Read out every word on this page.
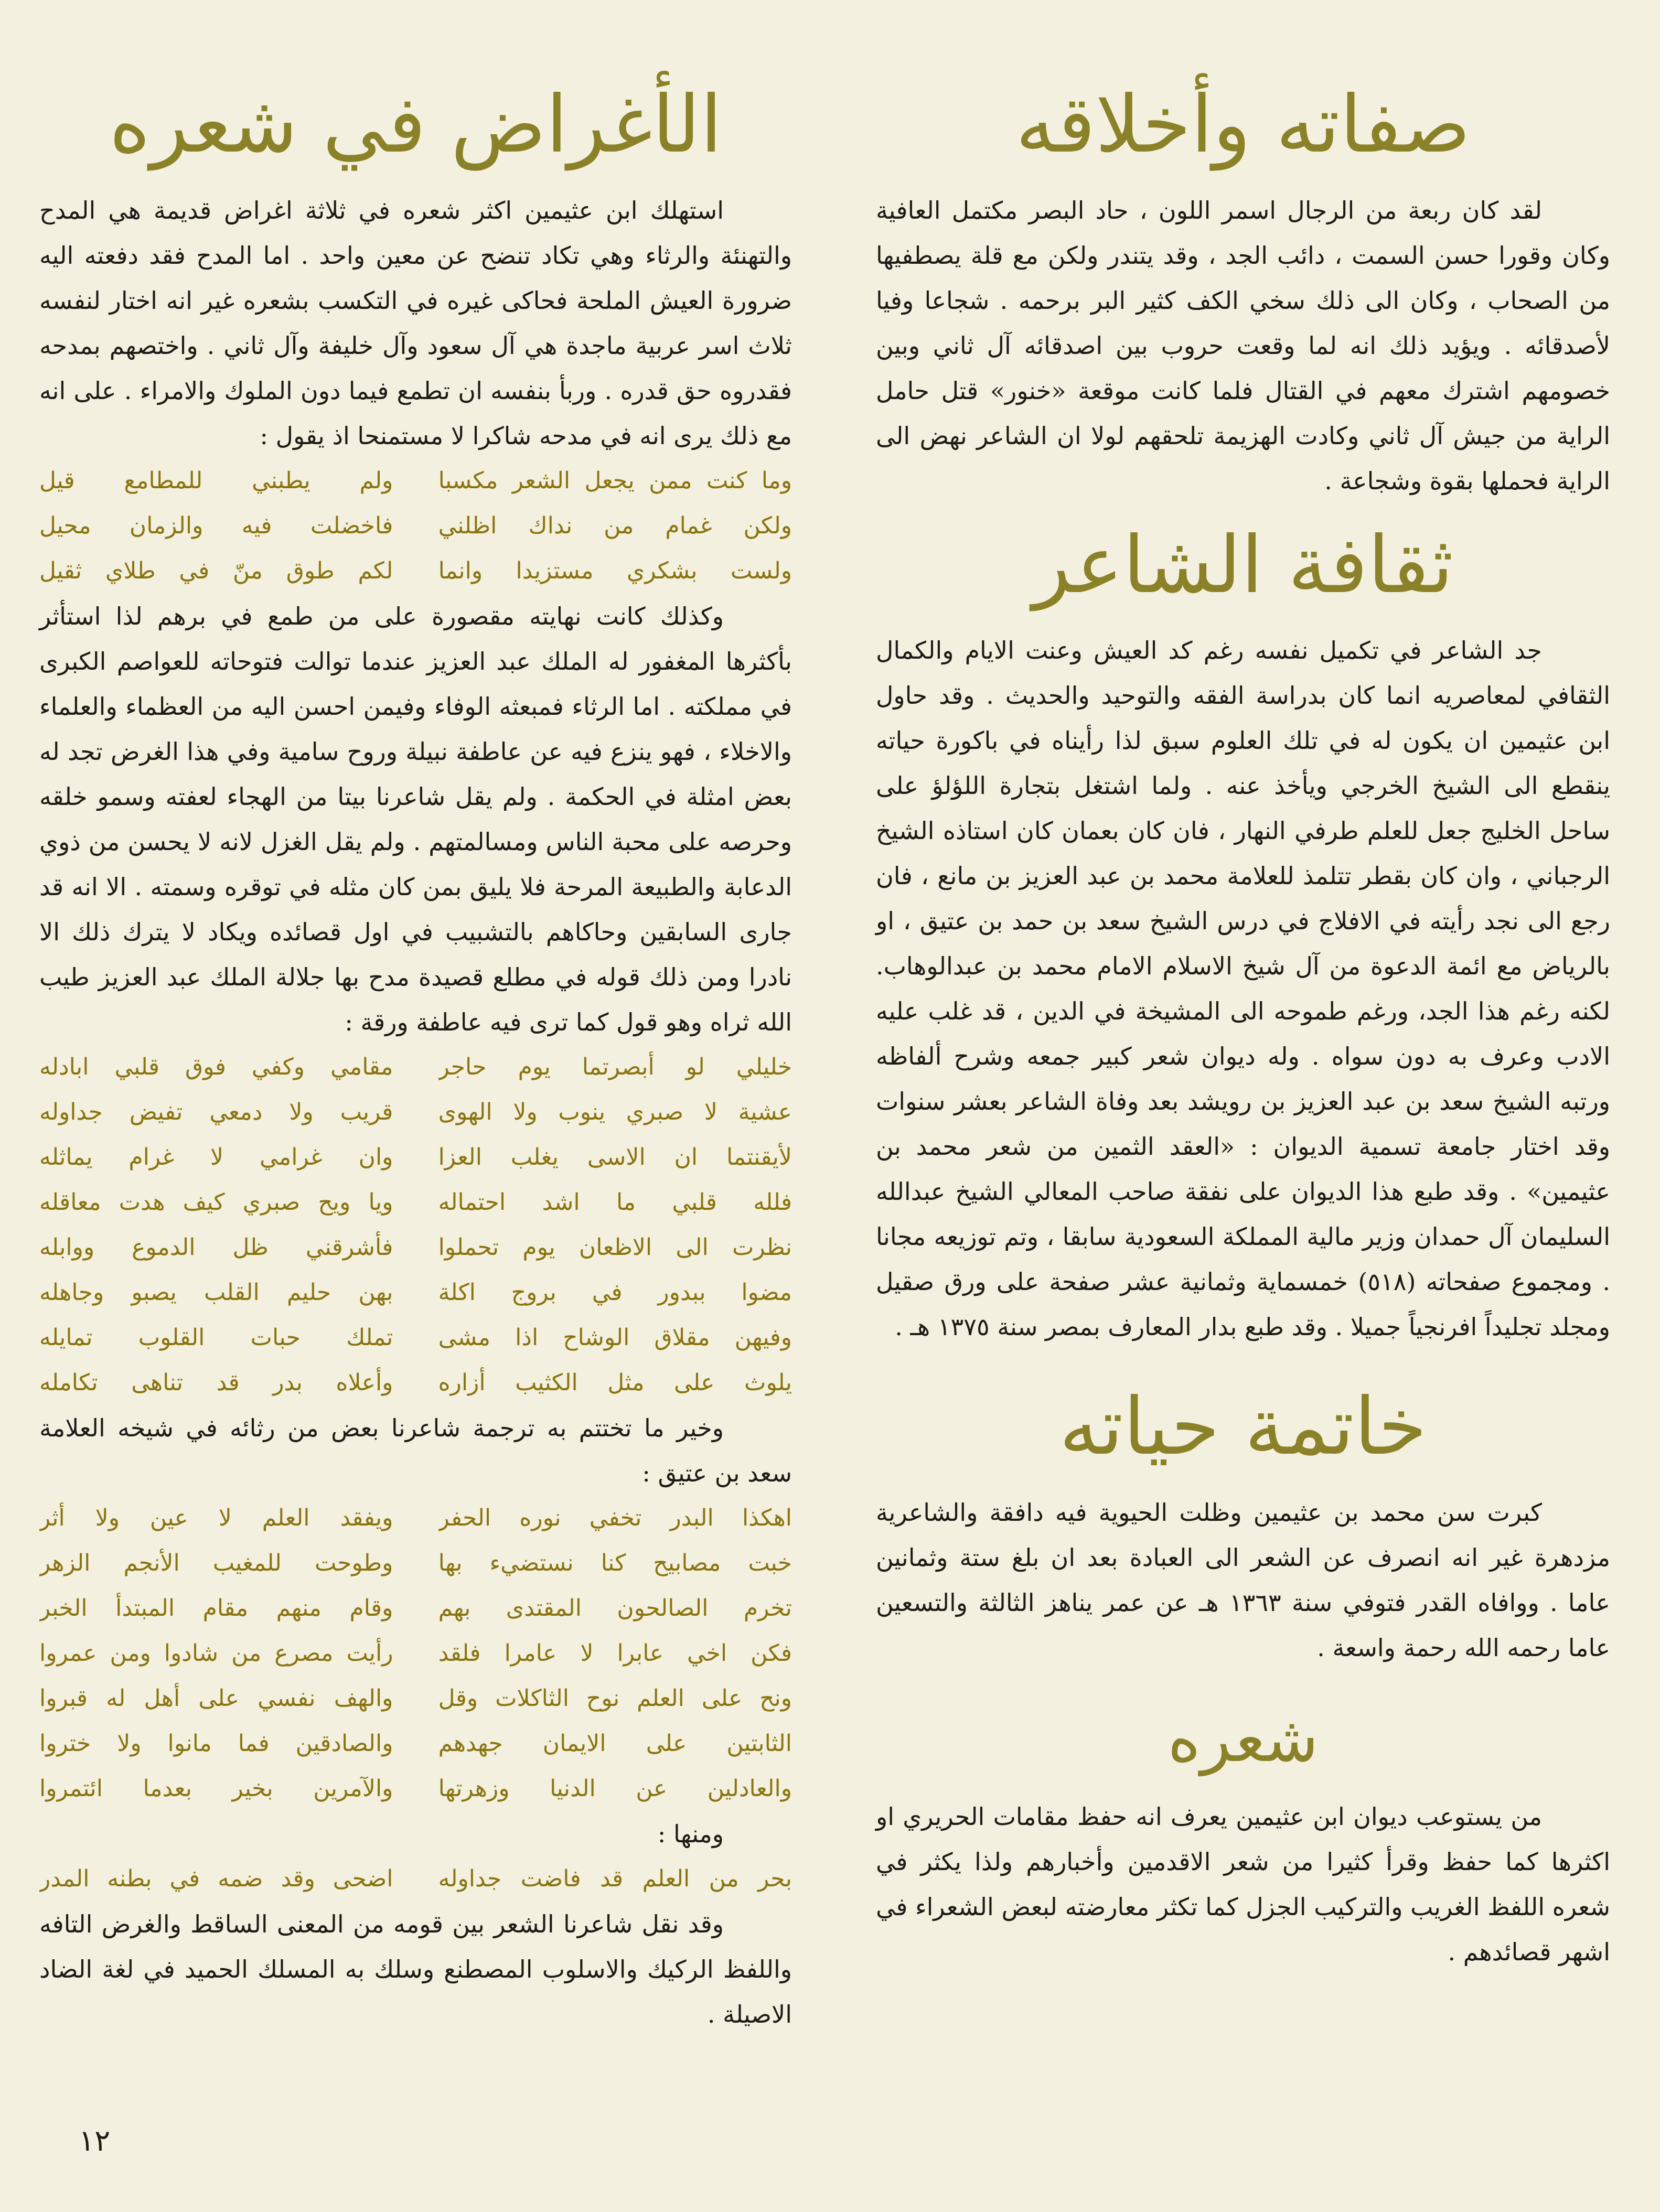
صفاته وأخلاقه

لقد كان ربعة من الرجال اسمر اللون ، حاد البصر مكتمل العافية وكان وقورا حسن السمت ، دائب الجد ، وقد يتندر ولكن مع قلة يصطفيها من الصحاب ، وكان الى ذلك سخي الكف كثير البر برحمه . شجاعا وفيا لأصدقائه . ويؤيد ذلك انه لما وقعت حروب بين اصدقائه آل ثاني وبين خصومهم اشترك معهم في القتال فلما كانت موقعة «خنور» قتل حامل الراية من جيش آل ثاني وكادت الهزيمة تلحقهم لولا ان الشاعر نهض الى الراية فحملها بقوة وشجاعة .

ثقافة الشاعر

جد الشاعر في تكميل نفسه رغم كد العيش وعنت الايام والكمال الثقافي لمعاصريه انما كان بدراسة الفقه والتوحيد والحديث . وقد حاول ابن عثيمين ان يكون له في تلك العلوم سبق لذا رأيناه في باكورة حياته ينقطع الى الشيخ الخرجي ويأخذ عنه . ولما اشتغل بتجارة اللؤلؤ على ساحل الخليج جعل للعلم طرفي النهار ، فان كان بعمان كان استاذه الشيخ الرجباني ، وان كان بقطر تتلمذ للعلامة محمد بن عبد العزيز بن مانع ، فان رجع الى نجد رأيته في الافلاج في درس الشيخ سعد بن حمد بن عتيق ، او بالرياض مع ائمة الدعوة من آل شيخ الاسلام الامام محمد بن عبدالوهاب. لكنه رغم هذا الجد، ورغم طموحه الى المشيخة في الدين ، قد غلب عليه الادب وعرف به دون سواه . وله ديوان شعر كبير جمعه وشرح ألفاظه ورتبه الشيخ سعد بن عبد العزيز بن رويشد بعد وفاة الشاعر بعشر سنوات وقد اختار جامعة تسمية الديوان : «العقد الثمين من شعر محمد بن عثيمين» . وقد طبع هذا الديوان على نفقة صاحب المعالي الشيخ عبدالله السليمان آل حمدان وزير مالية المملكة السعودية سابقا ، وتم توزيعه مجانا . ومجموع صفحاته (٥١٨) خمسماية وثمانية عشر صفحة على ورق صقيل ومجلد تجليداً افرنجياً جميلا . وقد طبع بدار المعارف بمصر سنة ١٣٧٥ هـ .

خاتمة حياته

كبرت سن محمد بن عثيمين وظلت الحيوية فيه دافقة والشاعرية مزدهرة غير انه انصرف عن الشعر الى العبادة بعد ان بلغ ستة وثمانين عاما . ووافاه القدر فتوفي سنة ١٣٦٣ هـ عن عمر يناهز الثالثة والتسعين عاما رحمه الله رحمة واسعة .

شعره

من يستوعب ديوان ابن عثيمين يعرف انه حفظ مقامات الحريري او اكثرها كما حفظ وقرأ كثيرا من شعر الاقدمين وأخبارهم ولذا يكثر في شعره اللفظ الغريب والتركيب الجزل كما تكثر معارضته لبعض الشعراء في اشهر قصائدهم .

الأغراض في شعره

استهلك ابن عثيمين اكثر شعره في ثلاثة اغراض قديمة هي المدح والتهنئة والرثاء وهي تكاد تنضح عن معين واحد . اما المدح فقد دفعته اليه ضرورة العيش الملحة فحاكى غيره في التكسب بشعره غير انه اختار لنفسه ثلاث اسر عربية ماجدة هي آل سعود وآل خليفة وآل ثاني . واختصهم بمدحه فقدروه حق قدره . وربأ بنفسه ان تطمع فيما دون الملوك والامراء . على انه مع ذلك يرى انه في مدحه شاكرا لا مستمنحا اذ يقول :

وما كنت ممن يجعل الشعر مكسبا
ولم يطبني للمطامع قيل
ولكن غمام من نداك اظلني
فاخضلت فيه والزمان محيل
ولست بشكري مستزيدا وانما
لكم طوق منّ في طلاي ثقيل

وكذلك كانت نهايته مقصورة على من طمع في برهم لذا استأثر بأكثرها المغفور له الملك عبد العزيز عندما توالت فتوحاته للعواصم الكبرى في مملكته . اما الرثاء فمبعثه الوفاء وفيمن احسن اليه من العظماء والعلماء والاخلاء ، فهو ينزع فيه عن عاطفة نبيلة وروح سامية وفي هذا الغرض تجد له بعض امثلة في الحكمة . ولم يقل شاعرنا بيتا من الهجاء لعفته وسمو خلقه وحرصه على محبة الناس ومسالمتهم . ولم يقل الغزل لانه لا يحسن من ذوي الدعابة والطبيعة المرحة فلا يليق بمن كان مثله في توقره وسمته . الا انه قد جارى السابقين وحاكاهم بالتشبيب في اول قصائده ويكاد لا يترك ذلك الا نادرا ومن ذلك قوله في مطلع قصيدة مدح بها جلالة الملك عبد العزيز طيب الله ثراه وهو قول كما ترى فيه عاطفة ورقة :

خليلي لو أبصرتما يوم حاجر
مقامي وكفي فوق قلبي ابادله
عشية لا صبري ينوب ولا الهوى
قريب ولا دمعي تفيض جداوله
لأيقنتما ان الاسى يغلب العزا
وان غرامي لا غرام يماثله
فلله قلبي ما اشد احتماله
ويا ويح صبري كيف هدت معاقله
نظرت الى الاظعان يوم تحملوا
فأشرقني ظل الدموع ووابله
مضوا ببدور في بروج اكلة
بهن حليم القلب يصبو وجاهله
وفيهن مقلاق الوشاح اذا مشى
تملك حبات القلوب تمايله
يلوث على مثل الكثيب أزاره
وأعلاه بدر قد تناهى تكامله

وخير ما تختتم به ترجمة شاعرنا بعض من رثائه في شيخه العلامة سعد بن عتيق :

اهكذا البدر تخفي نوره الحفر
ويفقد العلم لا عين ولا أثر
خبت مصابيح كنا نستضيء بها
وطوحت للمغيب الأنجم الزهر
تخرم الصالحون المقتدى بهم
وقام منهم مقام المبتدأ الخبر
فكن اخي عابرا لا عامرا فلقد
رأيت مصرع من شادوا ومن عمروا
ونح على العلم نوح الثاكلات وقل
والهف نفسي على أهل له قبروا
الثابتين على الايمان جهدهم
والصادقين فما مانوا ولا ختروا
والعادلين عن الدنيا وزهرتها
والآمرين بخير بعدما ائتمروا

ومنها :

بحر من العلم قد فاضت جداوله
اضحى وقد ضمه في بطنه المدر

وقد نقل شاعرنا الشعر بين قومه من المعنى الساقط والغرض التافه واللفظ الركيك والاسلوب المصطنع وسلك به المسلك الحميد في لغة الضاد الاصيلة .

١٢
